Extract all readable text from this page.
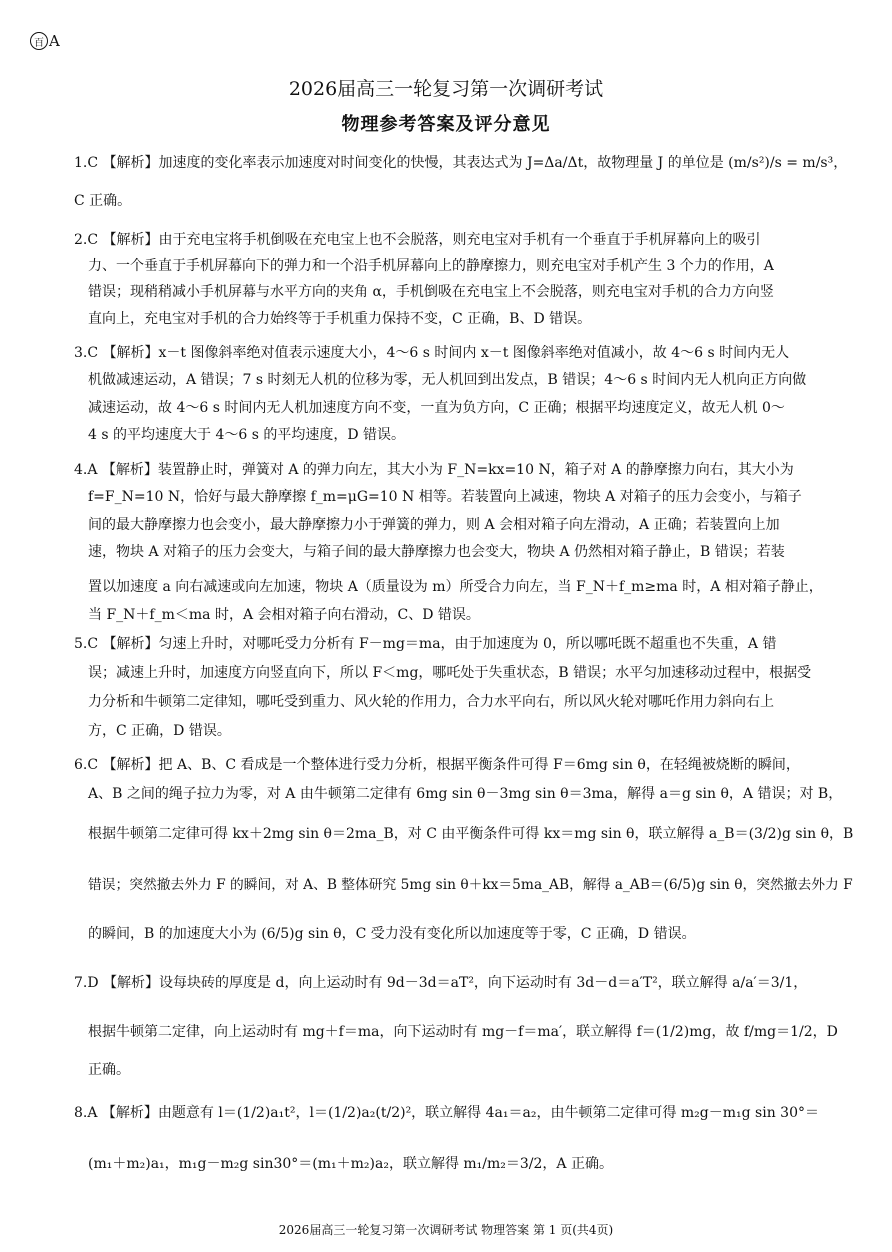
百 A
2026届高三一轮复习第一次调研考试
物理参考答案及评分意见
1.C 【解析】加速度的变化率表示加速度对时间变化的快慢，其表达式为 J=Δa/Δt，故物理量 J 的单位是 (m/s²)/s = m/s³，
C 正确。
2.C 【解析】由于充电宝将手机倒吸在充电宝上也不会脱落，则充电宝对手机有一个垂直于手机屏幕向上的吸引
力、一个垂直于手机屏幕向下的弹力和一个沿手机屏幕向上的静摩擦力，则充电宝对手机产生 3 个力的作用，A
错误；现稍稍减小手机屏幕与水平方向的夹角 α，手机倒吸在充电宝上不会脱落，则充电宝对手机的合力方向竖
直向上，充电宝对手机的合力始终等于手机重力保持不变，C 正确，B、D 错误。
3.C 【解析】x－t 图像斜率绝对值表示速度大小，4～6 s 时间内 x－t 图像斜率绝对值减小，故 4～6 s 时间内无人
机做减速运动，A 错误；7 s 时刻无人机的位移为零，无人机回到出发点，B 错误；4～6 s 时间内无人机向正方向做
减速运动，故 4～6 s 时间内无人机加速度方向不变，一直为负方向，C 正确；根据平均速度定义，故无人机 0～
4 s 的平均速度大于 4～6 s 的平均速度，D 错误。
4.A 【解析】装置静止时，弹簧对 A 的弹力向左，其大小为 F_N=kx=10 N，箱子对 A 的静摩擦力向右，其大小为
f=F_N=10 N，恰好与最大静摩擦 f_m=μG=10 N 相等。若装置向上减速，物块 A 对箱子的压力会变小，与箱子
间的最大静摩擦力也会变小，最大静摩擦力小于弹簧的弹力，则 A 会相对箱子向左滑动，A 正确；若装置向上加
速，物块 A 对箱子的压力会变大，与箱子间的最大静摩擦力也会变大，物块 A 仍然相对箱子静止，B 错误；若装
置以加速度 a 向右减速或向左加速，物块 A（质量设为 m）所受合力向左，当 F_N＋f_m≥ma 时，A 相对箱子静止，
当 F_N＋f_m＜ma 时，A 会相对箱子向右滑动，C、D 错误。
5.C 【解析】匀速上升时，对哪吒受力分析有 F－mg＝ma，由于加速度为 0，所以哪吒既不超重也不失重，A 错
误；减速上升时，加速度方向竖直向下，所以 F＜mg，哪吒处于失重状态，B 错误；水平匀加速移动过程中，根据受
力分析和牛顿第二定律知，哪吒受到重力、风火轮的作用力，合力水平向右，所以风火轮对哪吒作用力斜向右上
方，C 正确，D 错误。
6.C 【解析】把 A、B、C 看成是一个整体进行受力分析，根据平衡条件可得 F＝6mg sin θ，在轻绳被烧断的瞬间，
A、B 之间的绳子拉力为零，对 A 由牛顿第二定律有 6mg sin θ－3mg sin θ＝3ma，解得 a＝g sin θ，A 错误；对 B，
根据牛顿第二定律可得 kx＋2mg sin θ＝2ma_B，对 C 由平衡条件可得 kx＝mg sin θ，联立解得 a_B＝(3/2)g sin θ，B
错误；突然撤去外力 F 的瞬间，对 A、B 整体研究 5mg sin θ＋kx＝5ma_AB，解得 a_AB＝(6/5)g sin θ，突然撤去外力 F
的瞬间，B 的加速度大小为 (6/5)g sin θ，C 受力没有变化所以加速度等于零，C 正确，D 错误。
7.D 【解析】设每块砖的厚度是 d，向上运动时有 9d－3d＝aT²，向下运动时有 3d－d＝a′T²，联立解得 a/a′＝3/1，
根据牛顿第二定律，向上运动时有 mg＋f＝ma，向下运动时有 mg－f＝ma′，联立解得 f＝(1/2)mg，故 f/mg＝1/2，D
正确。
8.A 【解析】由题意有 l＝(1/2)a₁t²，l＝(1/2)a₂(t/2)²，联立解得 4a₁＝a₂，由牛顿第二定律可得 m₂g－m₁g sin 30°＝
(m₁＋m₂)a₁，m₁g－m₂g sin30°＝(m₁＋m₂)a₂，联立解得 m₁/m₂＝3/2，A 正确。
2026届高三一轮复习第一次调研考试 物理答案 第 1 页(共4页)
